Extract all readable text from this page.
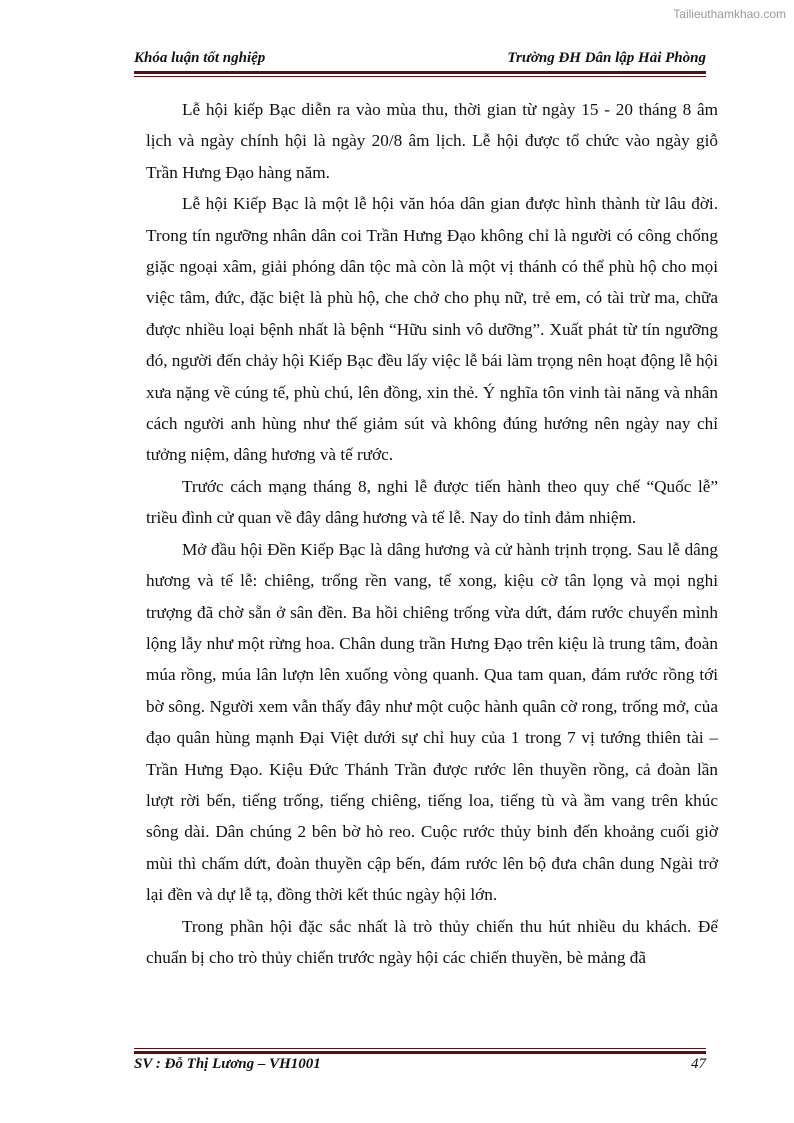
Tailieuthamkhao.com
Khóa luận tốt nghiệp	Trường ĐH Dân lập Hải Phòng

Lễ hội kiếp Bạc diễn ra vào mùa thu, thời gian từ ngày 15 - 20 tháng 8 âm lịch và ngày chính hội là ngày 20/8 âm lịch. Lễ hội được tổ chức vào ngày giỗ Trần Hưng Đạo hàng năm.

Lễ hội Kiếp Bạc là một lễ hội văn hóa dân gian được hình thành từ lâu đời. Trong tín ngưỡng nhân dân coi Trần Hưng Đạo không chỉ là người có công chống giặc ngoại xâm, giải phóng dân tộc mà còn là một vị thánh có thể phù hộ cho mọi việc tâm, đức, đặc biệt là phù hộ, che chở cho phụ nữ, trẻ em, có tài trừ ma, chữa được nhiều loại bệnh nhất là bệnh “Hữu sinh vô dưỡng”. Xuất phát từ tín ngưỡng đó, người đến chảy hội Kiếp Bạc đều lấy việc lễ bái làm trọng nên hoạt động lễ hội xưa nặng về cúng tế, phù chú, lên đồng, xin thẻ. Ý nghĩa tôn vinh tài năng và nhân cách người anh hùng như thế giảm sút và không đúng hướng nên ngày nay chỉ tưởng niệm, dâng hương và tế rước.

Trước cách mạng tháng 8, nghi lễ được tiến hành theo quy chế “Quốc lễ” triều đình cử quan về đây dâng hương và tế lễ. Nay do tỉnh đảm nhiệm.

Mở đầu hội Đền Kiếp Bạc là dâng hương và cử hành trịnh trọng. Sau lễ dâng hương và tế lễ: chiêng, trống rền vang, tế xong, kiệu cờ tân lọng và mọi nghi trượng đã chờ sẵn ở sân đền. Ba hồi chiêng trống vừa dứt, đám rước chuyển mình lộng lẫy như một rừng hoa. Chân dung trần Hưng Đạo trên kiệu là trung tâm, đoàn múa rồng, múa lân lượn lên xuống vòng quanh. Qua tam quan, đám rước rồng tới bờ sông. Người xem vẫn thấy đây như một cuộc hành quân cờ rong, trống mở, của đạo quân hùng mạnh Đại Việt dưới sự chỉ huy của 1 trong 7 vị tướng thiên tài – Trần Hưng Đạo. Kiệu Đức Thánh Trần được rước lên thuyền rồng, cả đoàn lần lượt rời bến, tiếng trống, tiếng chiêng, tiếng loa, tiếng tù và ầm vang trên khúc sông dài. Dân chúng 2 bên bờ hò reo. Cuộc rước thủy binh đến khoảng cuối giờ mùi thì chấm dứt, đoàn thuyền cập bến, đám rước lên bộ đưa chân dung Ngài trở lại đền và dự lễ tạ, đồng thời kết thúc ngày hội lớn.

Trong phần hội đặc sắc nhất là trò thủy chiến thu hút nhiều du khách. Để chuẩn bị cho trò thủy chiến trước ngày hội các chiến thuyền, bè mảng đã

SV : Đỗ Thị Lương – VH1001	47
